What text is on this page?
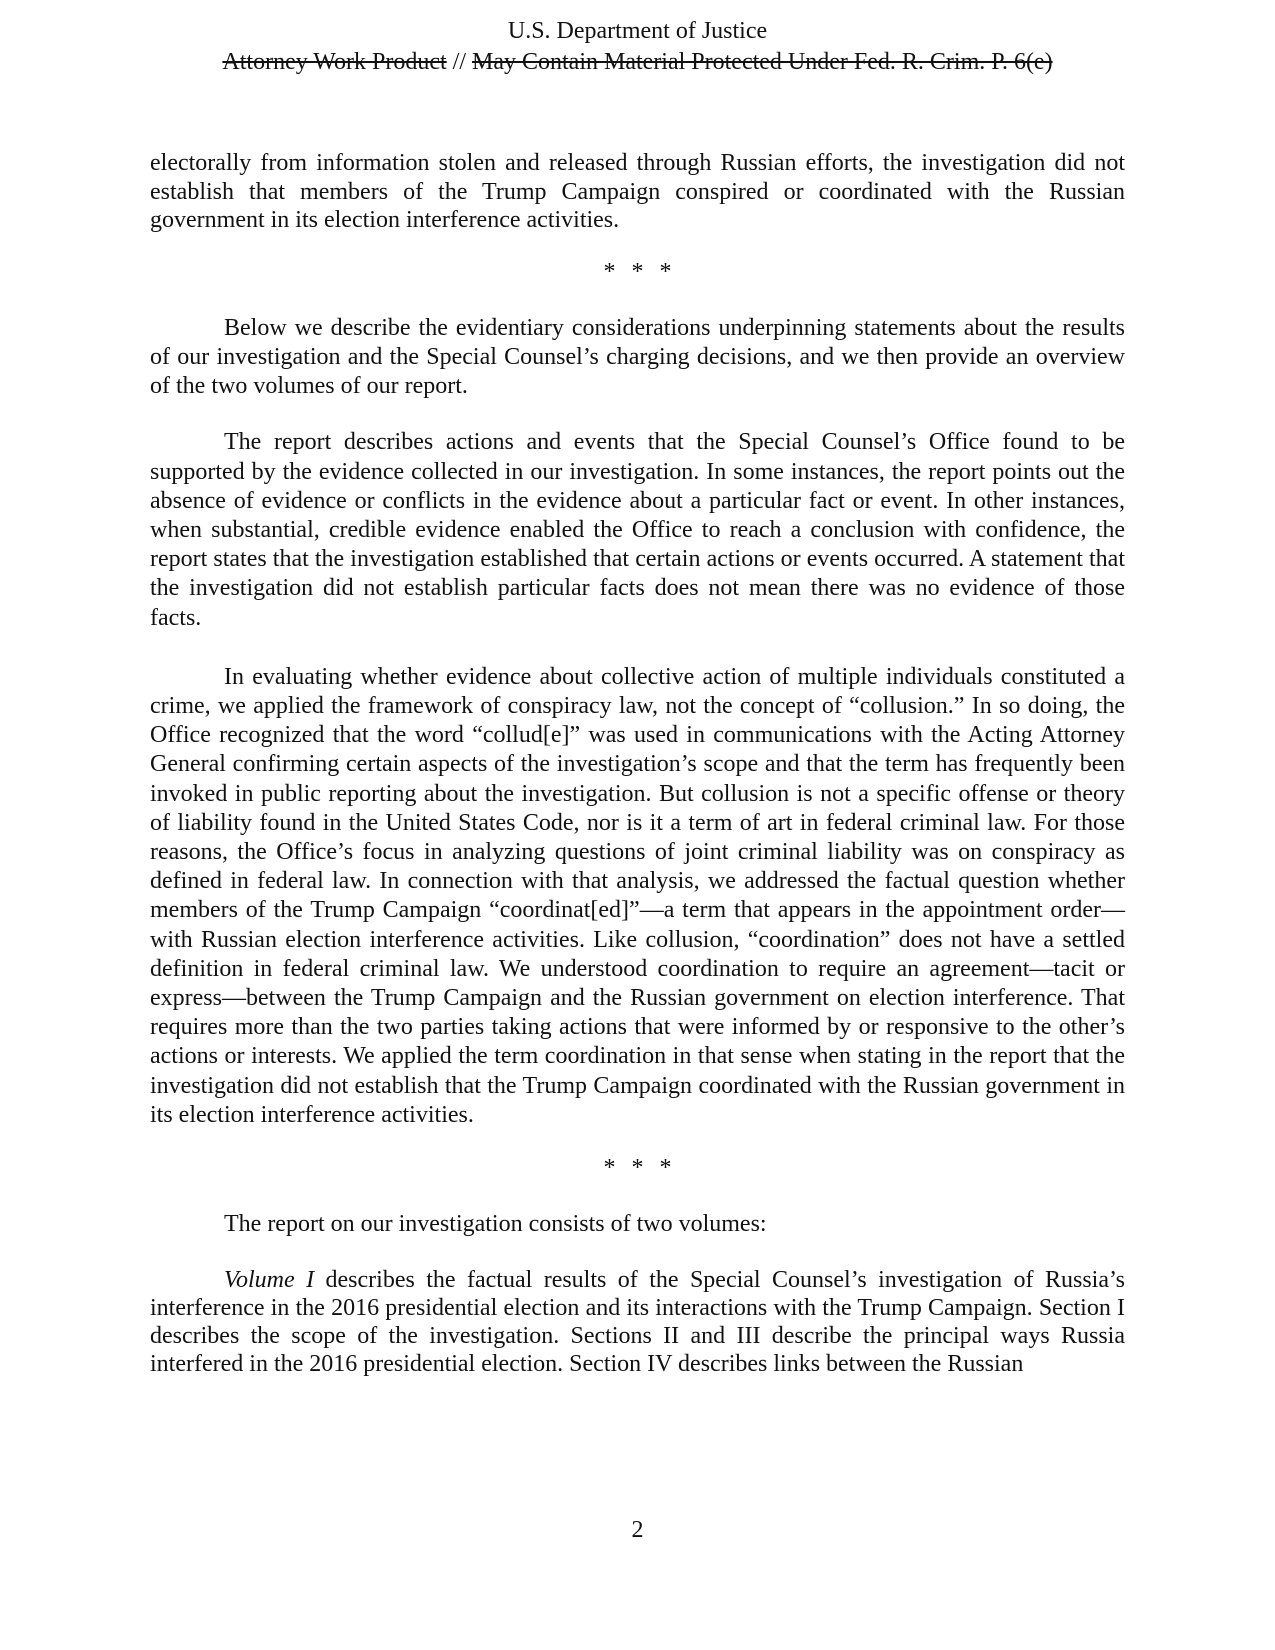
U.S. Department of Justice
Attorney Work Product // May Contain Material Protected Under Fed. R. Crim. P. 6(e)

electorally from information stolen and released through Russian efforts, the investigation did not establish that members of the Trump Campaign conspired or coordinated with the Russian government in its election interference activities.

* * *

Below we describe the evidentiary considerations underpinning statements about the results of our investigation and the Special Counsel’s charging decisions, and we then provide an overview of the two volumes of our report.

The report describes actions and events that the Special Counsel’s Office found to be supported by the evidence collected in our investigation. In some instances, the report points out the absence of evidence or conflicts in the evidence about a particular fact or event. In other instances, when substantial, credible evidence enabled the Office to reach a conclusion with confidence, the report states that the investigation established that certain actions or events occurred. A statement that the investigation did not establish particular facts does not mean there was no evidence of those facts.

In evaluating whether evidence about collective action of multiple individuals constituted a crime, we applied the framework of conspiracy law, not the concept of “collusion.” In so doing, the Office recognized that the word “collud[e]” was used in communications with the Acting Attorney General confirming certain aspects of the investigation’s scope and that the term has frequently been invoked in public reporting about the investigation. But collusion is not a specific offense or theory of liability found in the United States Code, nor is it a term of art in federal criminal law. For those reasons, the Office’s focus in analyzing questions of joint criminal liability was on conspiracy as defined in federal law. In connection with that analysis, we addressed the factual question whether members of the Trump Campaign “coordinat[ed]”—a term that appears in the appointment order—with Russian election interference activities. Like collusion, “coordination” does not have a settled definition in federal criminal law. We understood coordination to require an agreement—tacit or express—between the Trump Campaign and the Russian government on election interference. That requires more than the two parties taking actions that were informed by or responsive to the other’s actions or interests. We applied the term coordination in that sense when stating in the report that the investigation did not establish that the Trump Campaign coordinated with the Russian government in its election interference activities.

* * *

The report on our investigation consists of two volumes:

Volume I describes the factual results of the Special Counsel’s investigation of Russia’s interference in the 2016 presidential election and its interactions with the Trump Campaign. Section I describes the scope of the investigation. Sections II and III describe the principal ways Russia interfered in the 2016 presidential election. Section IV describes links between the Russian

2
